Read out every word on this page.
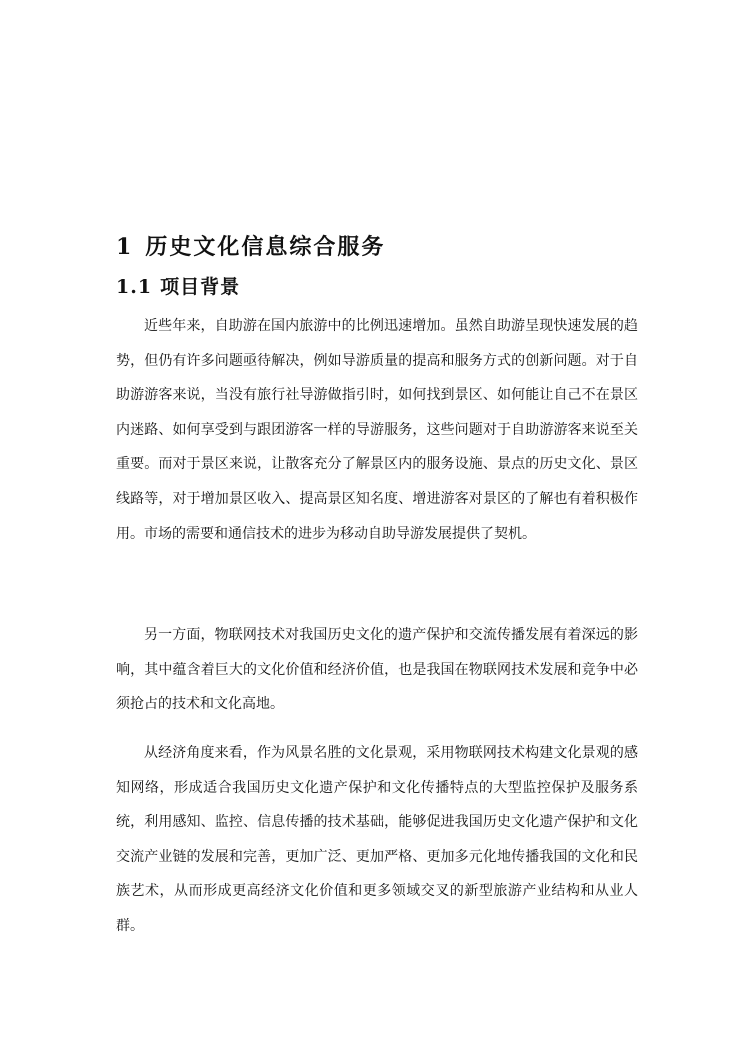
1 历史文化信息综合服务
1.1 项目背景

近些年来，自助游在国内旅游中的比例迅速增加。虽然自助游呈现快速发展的趋势，但仍有许多问题亟待解决，例如导游质量的提高和服务方式的创新问题。对于自助游游客来说，当没有旅行社导游做指引时，如何找到景区、如何能让自己不在景区内迷路、如何享受到与跟团游客一样的导游服务，这些问题对于自助游游客来说至关重要。而对于景区来说，让散客充分了解景区内的服务设施、景点的历史文化、景区线路等，对于增加景区收入、提高景区知名度、增进游客对景区的了解也有着积极作用。市场的需要和通信技术的进步为移动自助导游发展提供了契机。

另一方面，物联网技术对我国历史文化的遗产保护和交流传播发展有着深远的影响，其中蕴含着巨大的文化价值和经济价值，也是我国在物联网技术发展和竞争中必须抢占的技术和文化高地。

从经济角度来看，作为风景名胜的文化景观，采用物联网技术构建文化景观的感知网络，形成适合我国历史文化遗产保护和文化传播特点的大型监控保护及服务系统，利用感知、监控、信息传播的技术基础，能够促进我国历史文化遗产保护和文化交流产业链的发展和完善，更加广泛、更加严格、更加多元化地传播我国的文化和民族艺术，从而形成更高经济文化价值和更多领域交叉的新型旅游产业结构和从业人群。
